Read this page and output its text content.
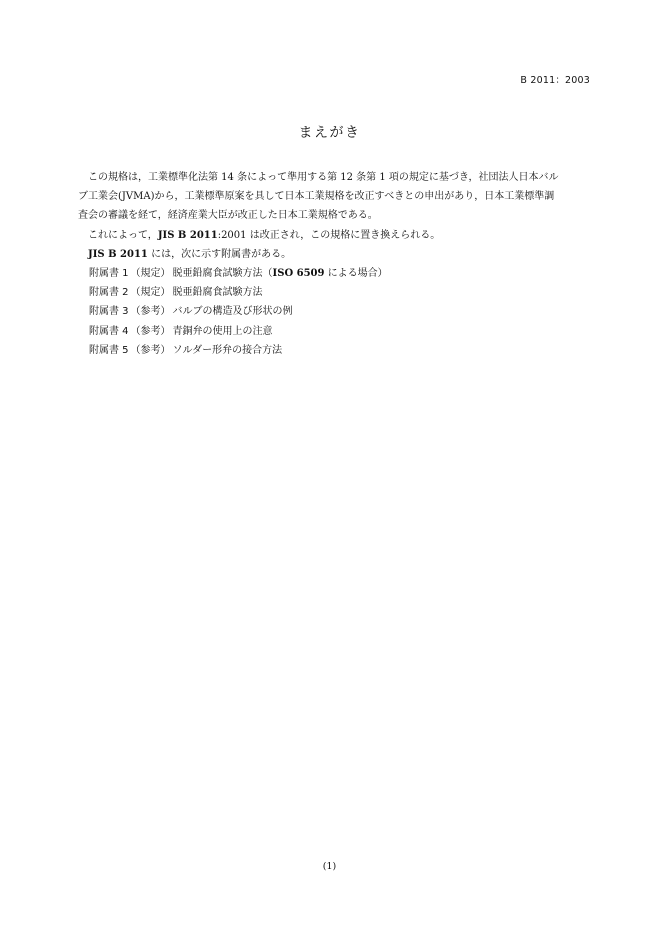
B 2011：2003
まえがき

この規格は，工業標準化法第 14 条によって準用する第 12 条第 1 項の規定に基づき，社団法人日本バル
ブ工業会(JVMA)から，工業標準原案を具して日本工業規格を改正すべきとの申出があり，日本工業標準調
査会の審議を経て，経済産業大臣が改正した日本工業規格である。

これによって，JIS B 2011:2001 は改正され，この規格に置き換えられる。

JIS B 2011 には，次に示す附属書がある。

附属書 1 （規定） 脱亜鉛腐食試験方法（ISO 6509 による場合）
附属書 2 （規定） 脱亜鉛腐食試験方法
附属書 3 （参考） バルブの構造及び形状の例
附属書 4 （参考） 青銅弁の使用上の注意
附属書 5 （参考） ソルダー形弁の接合方法
(1)
